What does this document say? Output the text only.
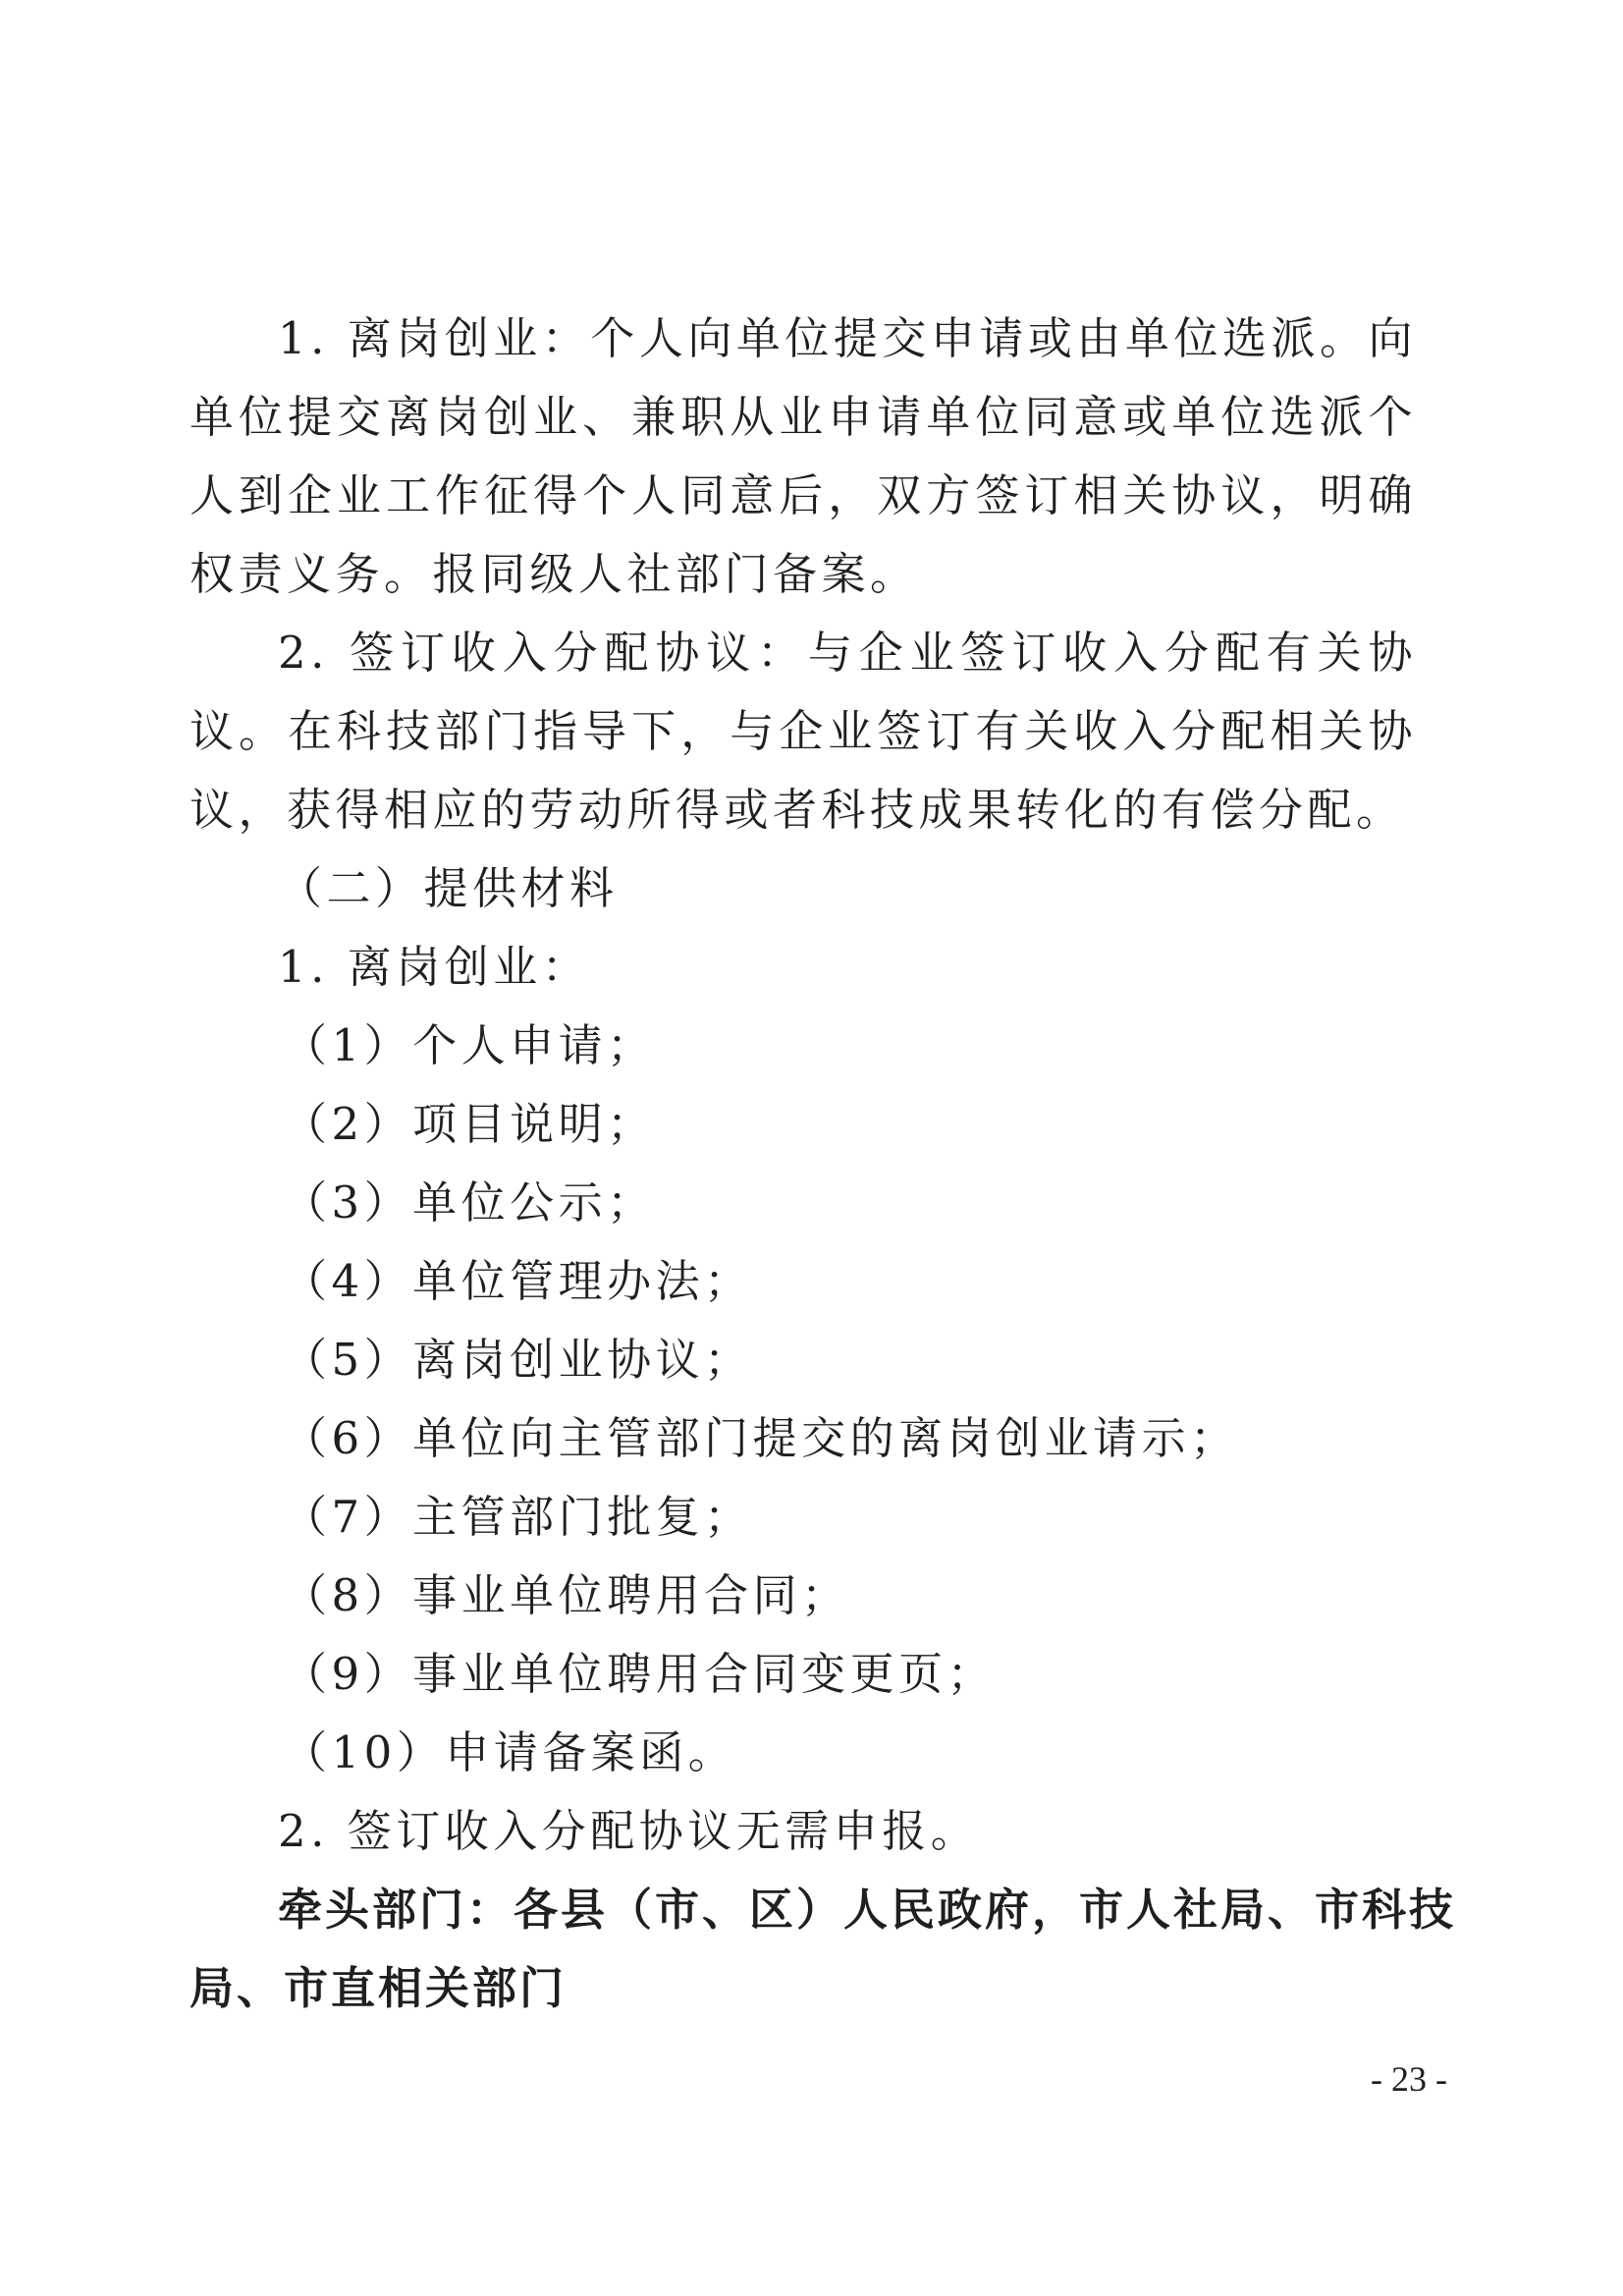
1. 离岗创业：个人向单位提交申请或由单位选派。向单位提交离岗创业、兼职从业申请单位同意或单位选派个人到企业工作征得个人同意后，双方签订相关协议，明确权责义务。报同级人社部门备案。

2. 签订收入分配协议：与企业签订收入分配有关协议。在科技部门指导下，与企业签订有关收入分配相关协议，获得相应的劳动所得或者科技成果转化的有偿分配。

（二）提供材料
1. 离岗创业：
（1）个人申请；
（2）项目说明；
（3）单位公示；
（4）单位管理办法；
（5）离岗创业协议；
（6）单位向主管部门提交的离岗创业请示；
（7）主管部门批复；
（8）事业单位聘用合同；
（9）事业单位聘用合同变更页；
（10）申请备案函。
2. 签订收入分配协议无需申报。
牵头部门：各县（市、区）人民政府，市人社局、市科技
局、市直相关部门
- 23 -
